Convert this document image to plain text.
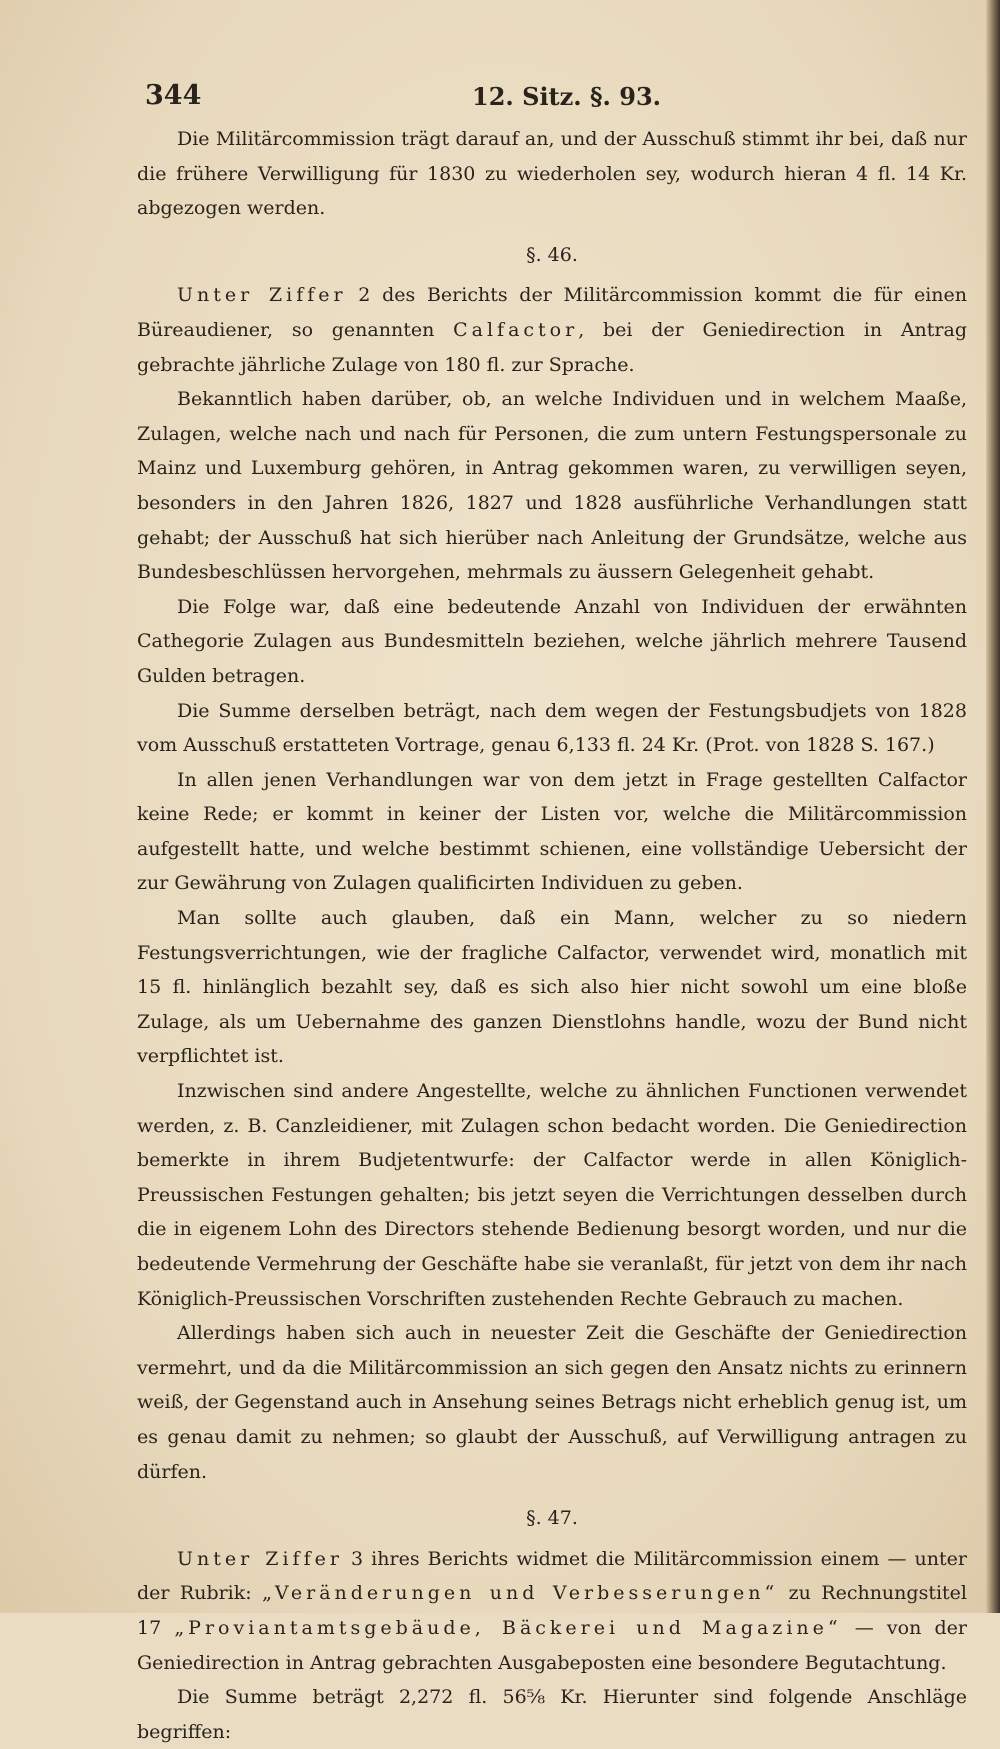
344	12. Sitz. §. 93.

Die Militärcommission trägt darauf an, und der Ausschuß stimmt ihr bei, daß nur die frühere Verwilligung für 1830 zu wiederholen sey, wodurch hieran 4 fl. 14 Kr. abgezogen werden.

§. 46.

Unter Ziffer 2 des Berichts der Militärcommission kommt die für einen Büreaudiener, so genannten Calfactor, bei der Geniedirection in Antrag gebrachte jährliche Zulage von 180 fl. zur Sprache.

Bekanntlich haben darüber, ob, an welche Individuen und in welchem Maaße, Zulagen, welche nach und nach für Personen, die zum untern Festungspersonale zu Mainz und Luxemburg gehören, in Antrag gekommen waren, zu verwilligen seyen, besonders in den Jahren 1826, 1827 und 1828 ausführliche Verhandlungen statt gehabt; der Ausschuß hat sich hierüber nach Anleitung der Grundsätze, welche aus Bundesbeschlüssen hervorgehen, mehrmals zu äussern Gelegenheit gehabt.

Die Folge war, daß eine bedeutende Anzahl von Individuen der erwähnten Cathegorie Zulagen aus Bundesmitteln beziehen, welche jährlich mehrere Tausend Gulden betragen.

Die Summe derselben beträgt, nach dem wegen der Festungsbudjets von 1828 vom Ausschuß erstatteten Vortrage, genau 6,133 fl. 24 Kr. (Prot. von 1828 S. 167.)

In allen jenen Verhandlungen war von dem jetzt in Frage gestellten Calfactor keine Rede; er kommt in keiner der Listen vor, welche die Militärcommission aufgestellt hatte, und welche bestimmt schienen, eine vollständige Uebersicht der zur Gewährung von Zulagen qualificirten Individuen zu geben.

Man sollte auch glauben, daß ein Mann, welcher zu so niedern Festungsverrichtungen, wie der fragliche Calfactor, verwendet wird, monatlich mit 15 fl. hinlänglich bezahlt sey, daß es sich also hier nicht sowohl um eine bloße Zulage, als um Uebernahme des ganzen Dienstlohns handle, wozu der Bund nicht verpflichtet ist.

Inzwischen sind andere Angestellte, welche zu ähnlichen Functionen verwendet werden, z. B. Canzleidiener, mit Zulagen schon bedacht worden. Die Geniedirection bemerkte in ihrem Budjetentwurfe: der Calfactor werde in allen Königlich-Preussischen Festungen gehalten; bis jetzt seyen die Verrichtungen desselben durch die in eigenem Lohn des Directors stehende Bedienung besorgt worden, und nur die bedeutende Vermehrung der Geschäfte habe sie veranlaßt, für jetzt von dem ihr nach Königlich-Preussischen Vorschriften zustehenden Rechte Gebrauch zu machen.

Allerdings haben sich auch in neuester Zeit die Geschäfte der Geniedirection vermehrt, und da die Militärcommission an sich gegen den Ansatz nichts zu erinnern weiß, der Gegenstand auch in Ansehung seines Betrags nicht erheblich genug ist, um es genau damit zu nehmen; so glaubt der Ausschuß, auf Verwilligung antragen zu dürfen.

§. 47.

Unter Ziffer 3 ihres Berichts widmet die Militärcommission einem — unter der Rubrik: „Veränderungen und Verbesserungen“ zu Rechnungstitel 17 „Proviantamtsgebäude, Bäckerei und Magazine“ — von der Geniedirection in Antrag gebrachten Ausgabeposten eine besondere Begutachtung.

Die Summe beträgt 2,272 fl. 56⅝ Kr. Hierunter sind folgende Anschläge begriffen:
